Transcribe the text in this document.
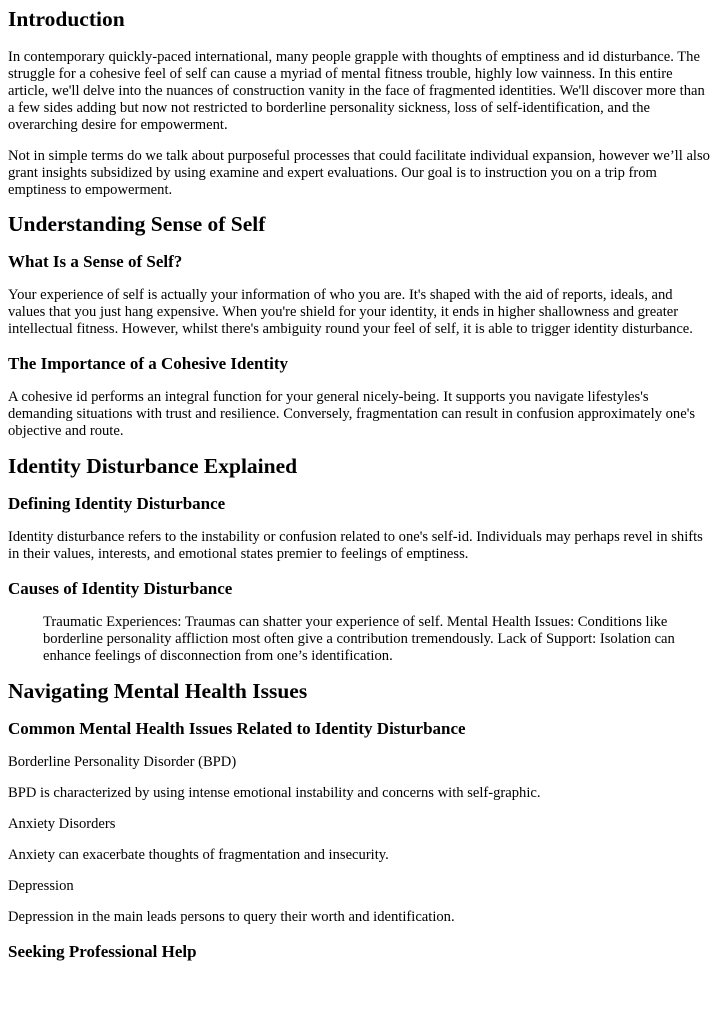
Introduction

In contemporary quickly-paced international, many people grapple with thoughts of emptiness and id disturbance. The struggle for a cohesive feel of self can cause a myriad of mental fitness trouble, highly low vainness. In this entire article, we'll delve into the nuances of construction vanity in the face of fragmented identities. We'll discover more than a few sides adding but now not restricted to borderline personality sickness, loss of self-identification, and the overarching desire for empowerment.

Not in simple terms do we talk about purposeful processes that could facilitate individual expansion, however we’ll also grant insights subsidized by using examine and expert evaluations. Our goal is to instruction you on a trip from emptiness to empowerment.

Understanding Sense of Self
What Is a Sense of Self?

Your experience of self is actually your information of who you are. It's shaped with the aid of reports, ideals, and values that you just hang expensive. When you're shield for your identity, it ends in higher shallowness and greater intellectual fitness. However, whilst there's ambiguity round your feel of self, it is able to trigger identity disturbance.

The Importance of a Cohesive Identity

A cohesive id performs an integral function for your general nicely-being. It supports you navigate lifestyles's demanding situations with trust and resilience. Conversely, fragmentation can result in confusion approximately one's objective and route.

Identity Disturbance Explained
Defining Identity Disturbance

Identity disturbance refers to the instability or confusion related to one's self-id. Individuals may perhaps revel in shifts in their values, interests, and emotional states premier to feelings of emptiness.

Causes of Identity Disturbance

Traumatic Experiences: Traumas can shatter your experience of self. Mental Health Issues: Conditions like borderline personality affliction most often give a contribution tremendously. Lack of Support: Isolation can enhance feelings of disconnection from one’s identification.

Navigating Mental Health Issues
Common Mental Health Issues Related to Identity Disturbance

Borderline Personality Disorder (BPD)

BPD is characterized by using intense emotional instability and concerns with self-graphic.

Anxiety Disorders

Anxiety can exacerbate thoughts of fragmentation and insecurity.

Depression

Depression in the main leads persons to query their worth and identification.

Seeking Professional Help
